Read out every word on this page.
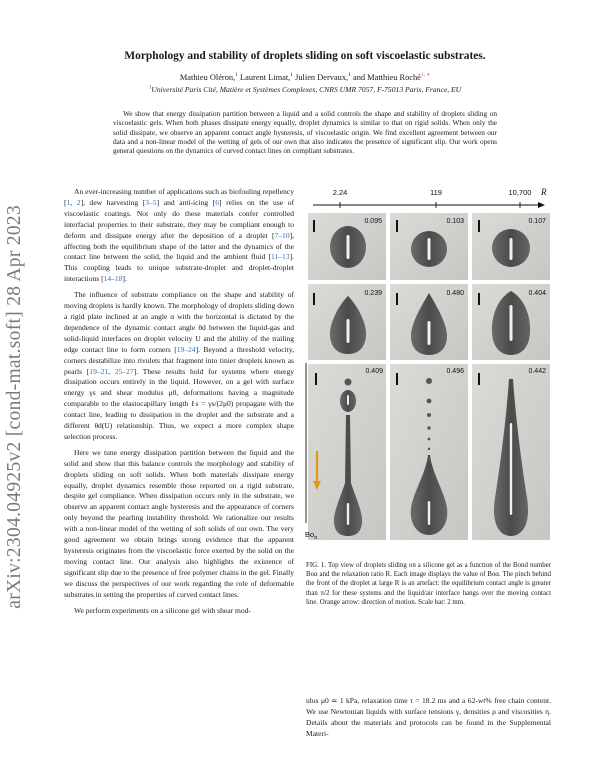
arXiv:2304.04925v2 [cond-mat.soft] 28 Apr 2023
Morphology and stability of droplets sliding on soft viscoelastic substrates.
Mathieu Oléron,$^1$ Laurent Limat,$^1$ Julien Dervaux,$^1$ and Matthieu Roché$^{1, ∗}$
$^1$Université Paris Cité, Matière et Systèmes Complexes, CNRS UMR 7057, F-75013 Paris, France, EU
We show that energy dissipation partition between a liquid and a solid controls the shape and stability of droplets sliding on viscoelastic gels. When both phases dissipate energy equally, droplet dynamics is similar to that on rigid solids. When only the solid dissipate, we observe an apparent contact angle hysteresis, of viscoelastic origin. We find excellent agreement between our data and a non-linear model of the wetting of gels of our own that also indicates the presence of significant slip. Our work opens general questions on the dynamics of curved contact lines on compliant substrates.

An ever-increasing number of applications such as biofouling repellency [1, 2], dew harvesting [3–5] and anti-icing [6] relies on the use of viscoelastic coatings. Not only do these materials confer controlled interfacial properties to their substrate, they may be compliant enough to deform and dissipate energy after the deposition of a droplet [7–10], affecting both the equilibrium shape of the latter and the dynamics of the contact line between the solid, the liquid and the ambient fluid [11–13]. This coupling leads to unique substrate-droplet and droplet-droplet interactions [14–18].

The influence of substrate compliance on the shape and stability of moving droplets is hardly known. The morphology of droplets sliding down a rigid plate inclined at an angle α with the horizontal is dictated by the dependence of the dynamic contact angle θd between the liquid-gas and solid-liquid interfaces on droplet velocity U and the ability of the trailing edge contact line to form corners [19–24]. Beyond a threshold velocity, corners destabilize into rivulets that fragment into tinier droplets known as pearls [19–21, 25–27]. These results hold for systems where energy dissipation occurs entirely in the liquid. However, on a gel with surface energy γs and shear modulus μ0, deformations having a magnitude comparable to the elastocapillary length ℓs = γs/(2μ0) propagate with the contact line, leading to dissipation in the droplet and the substrate and a different θd(U) relationship. Thus, we expect a more complex shape selection process.

Here we tune energy dissipation partition between the liquid and the solid and show that this balance controls the morphology and stability of droplets sliding on soft solids. When both materials dissipate energy equally, droplet dynamics resemble those reported on a rigid substrate, despite gel compliance. When dissipation occurs only in the substrate, we observe an apparent contact angle hysteresis and the appearance of corners only beyond the pearling instability threshold. We rationalize our results with a non-linear model of the wetting of soft solids of our own. The very good agreement we obtain brings strong evidence that the apparent hysteresis originates from the viscoelastic force exerted by the solid on the moving contact line. Our analysis also highlights the existence of significant slip due to the presence of free polymer chains in the gel. Finally we discuss the perspectives of our work regarding the role of deformable substrates in setting the properties of curved contact lines.

We perform experiments on a silicone gel with shear mod-

2.24	119	10,700 R
0.095	0.103	0.107
0.239	0.480	0.404
0.409	0.496	0.442
$Bo_\alpha$
FIG. 1. Top view of droplets sliding on a silicone gel as a function of the Bond number Boα and the relaxation ratio R. Each image displays the value of Boα. The pinch behind the front of the droplet at large R is an artefact: the equilibrium contact angle is greater than π/2 for these systems and the liquid/air interface hangs over the moving contact line. Orange arrow: direction of motion. Scale bar: 2 mm.

ulus μ0 ≃ 1 kPa, relaxation time τ = 18.2 ms and a 62-wt% free chain content. We use Newtonian liquids with surface tensions γ, densities ρ and viscosities η. Details about the materials and protocols can be found in the Supplemental Materi-
